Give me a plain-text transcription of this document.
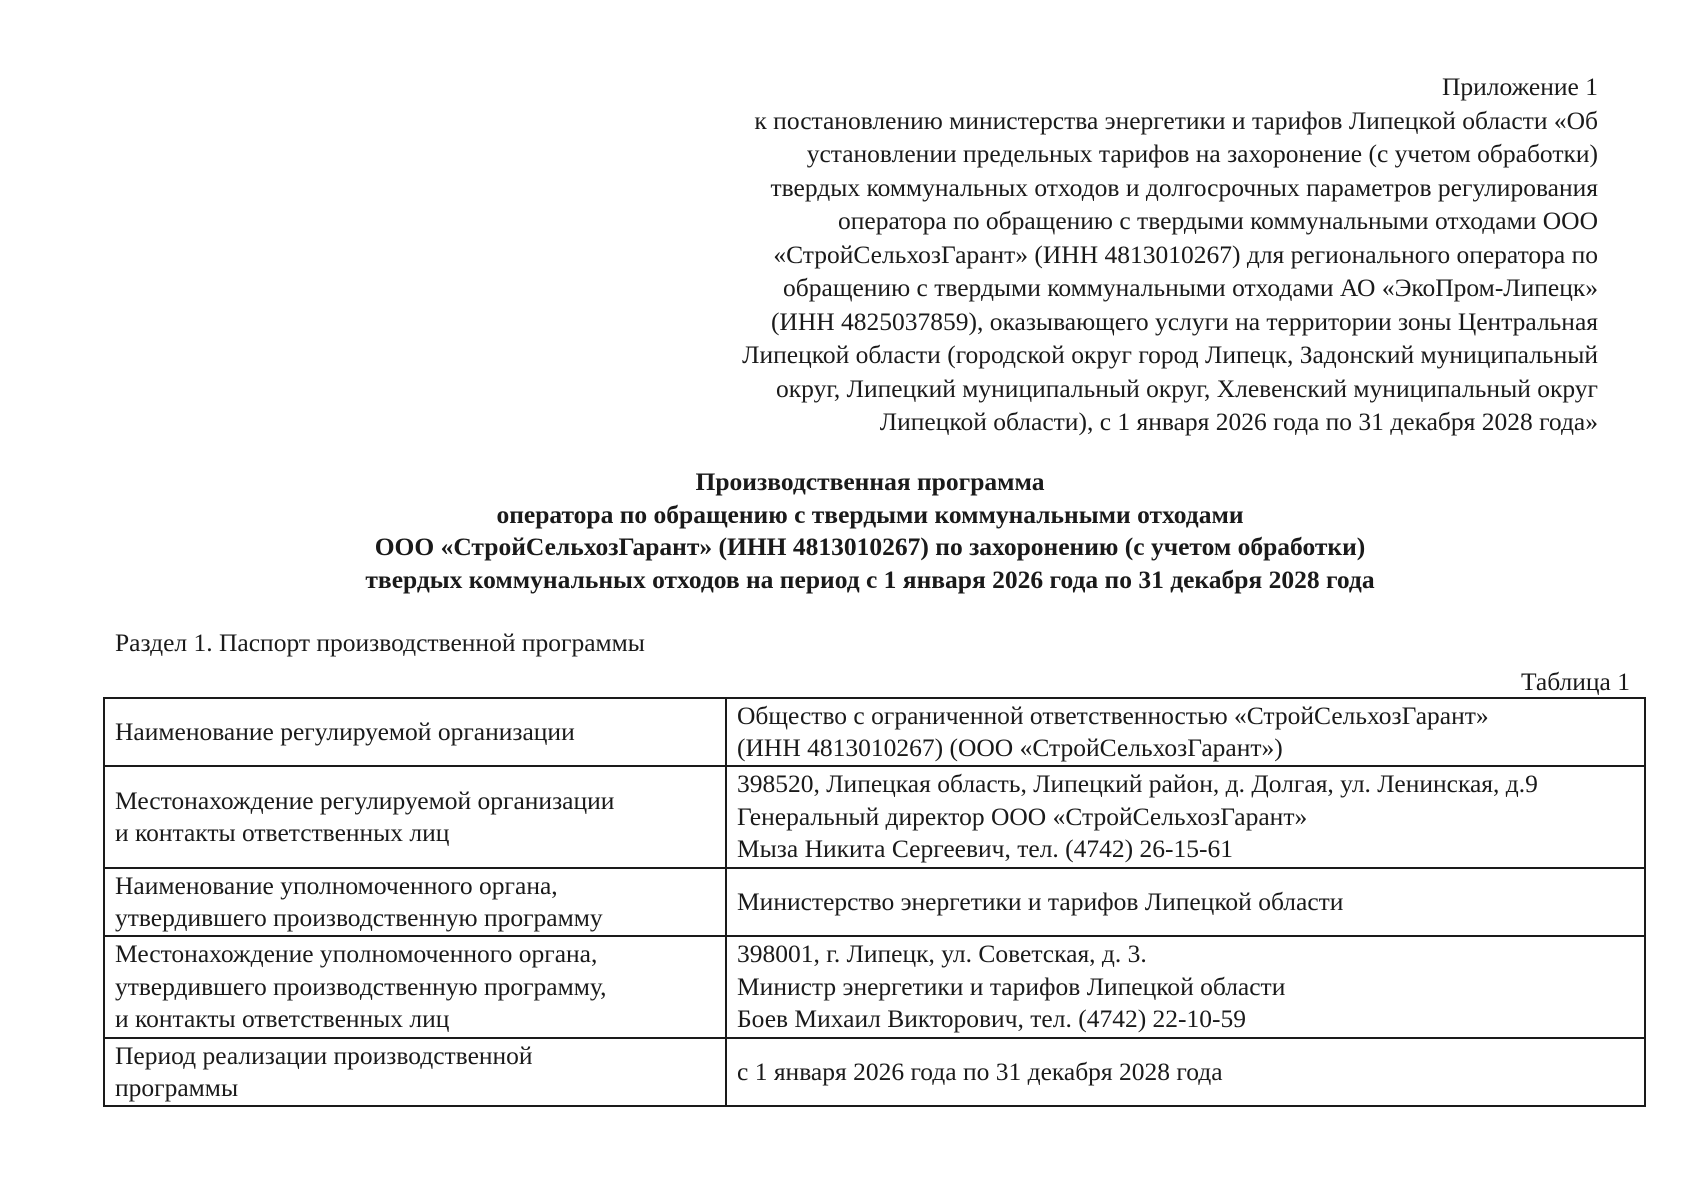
Приложение 1
к постановлению министерства энергетики и тарифов Липецкой области «Об
установлении предельных тарифов на захоронение (с учетом обработки)
твердых коммунальных отходов и долгосрочных параметров регулирования
оператора по обращению с твердыми коммунальными отходами ООО
«СтройСельхозГарант» (ИНН 4813010267) для регионального оператора по
обращению с твердыми коммунальными отходами АО «ЭкоПром-Липецк»
(ИНН 4825037859), оказывающего услуги на территории зоны Центральная
Липецкой области (городской округ город Липецк, Задонский муниципальный
округ, Липецкий муниципальный округ, Хлевенский муниципальный округ
Липецкой области), с 1 января 2026 года по 31 декабря 2028 года»
Производственная программа
оператора по обращению с твердыми коммунальными отходами
ООО «СтройСельхозГарант» (ИНН 4813010267) по захоронению (с учетом обработки)
твердых коммунальных отходов на период с 1 января 2026 года по 31 декабря 2028 года
Раздел 1. Паспорт производственной программы
Таблица 1
Наименование регулируемой организации	Общество с ограниченной ответственностью «СтройСельхозГарант»
(ИНН 4813010267) (ООО «СтройСельхозГарант»)

Местонахождение регулируемой организации
и контакты ответственных лиц	398520, Липецкая область, Липецкий район, д. Долгая, ул. Ленинская, д.9
Генеральный директор ООО «СтройСельхозГарант»
Мыза Никита Сергеевич, тел. (4742) 26-15-61

Наименование уполномоченного органа,
утвердившего производственную программу	Министерство энергетики и тарифов Липецкой области

Местонахождение уполномоченного органа,
утвердившего производственную программу,
и контакты ответственных лиц	398001, г. Липецк, ул. Советская, д. 3.
Министр энергетики и тарифов Липецкой области
Боев Михаил Викторович, тел. (4742) 22-10-59

Период реализации производственной
программы	с 1 января 2026 года по 31 декабря 2028 года
